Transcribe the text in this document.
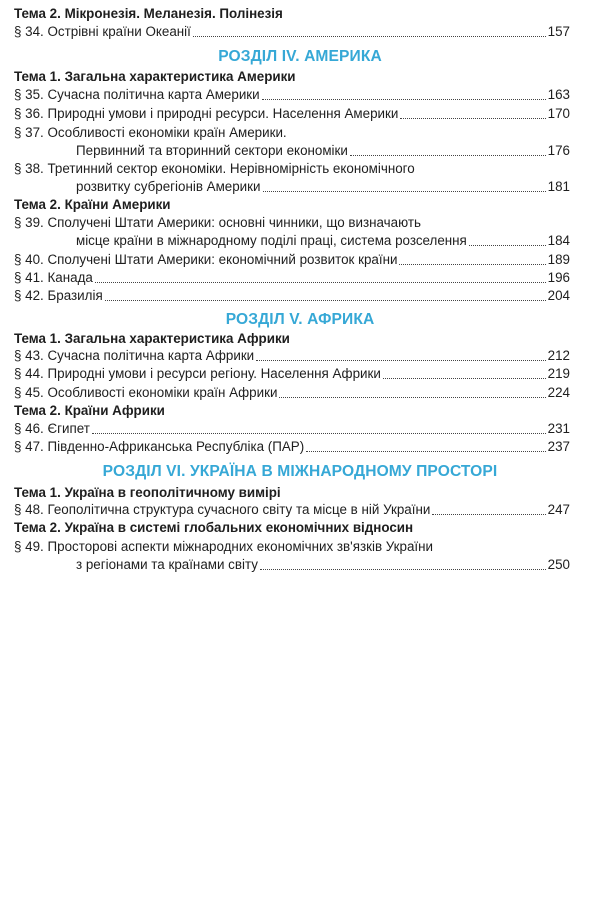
Тема 2. Мікронезія. Меланезія. Полінезія
§ 34. Острівні країни Океанії	157
РОЗДІЛ IV. АМЕРИКА
Тема 1. Загальна характеристика Америки
§ 35. Сучасна політична карта Америки	163
§ 36. Природні умови і природні ресурси. Населення Америки	170
§ 37. Особливості економіки країн Америки.
Первинний та вторинний сектори економіки	176
§ 38. Третинний сектор економіки. Нерівномірність економічного
розвитку субрегіонів Америки	181
Тема 2. Країни Америки
§ 39. Сполучені Штати Америки: основні чинники, що визначають
місце країни в міжнародному поділі праці, система розселення	184
§ 40. Сполучені Штати Америки: економічний розвиток країни	189
§ 41. Канада	196
§ 42. Бразилія	204
РОЗДІЛ V. АФРИКА
Тема 1. Загальна характеристика Африки
§ 43. Сучасна політична карта Африки	212
§ 44. Природні умови і ресурси регіону. Населення Африки	219
§ 45. Особливості економіки країн Африки	224
Тема 2. Країни Африки
§ 46. Єгипет	231
§ 47. Південно-Африканська Республіка (ПАР)	237
РОЗДІЛ VI. УКРАЇНА В МІЖНАРОДНОМУ ПРОСТОРІ
Тема 1. Україна в геополітичному вимірі
§ 48. Геополітична структура сучасного світу та місце в ній України	247
Тема 2. Україна в системі глобальних економічних відносин
§ 49. Просторові аспекти міжнародних економічних зв'язків України
з регіонами та країнами світу	250
